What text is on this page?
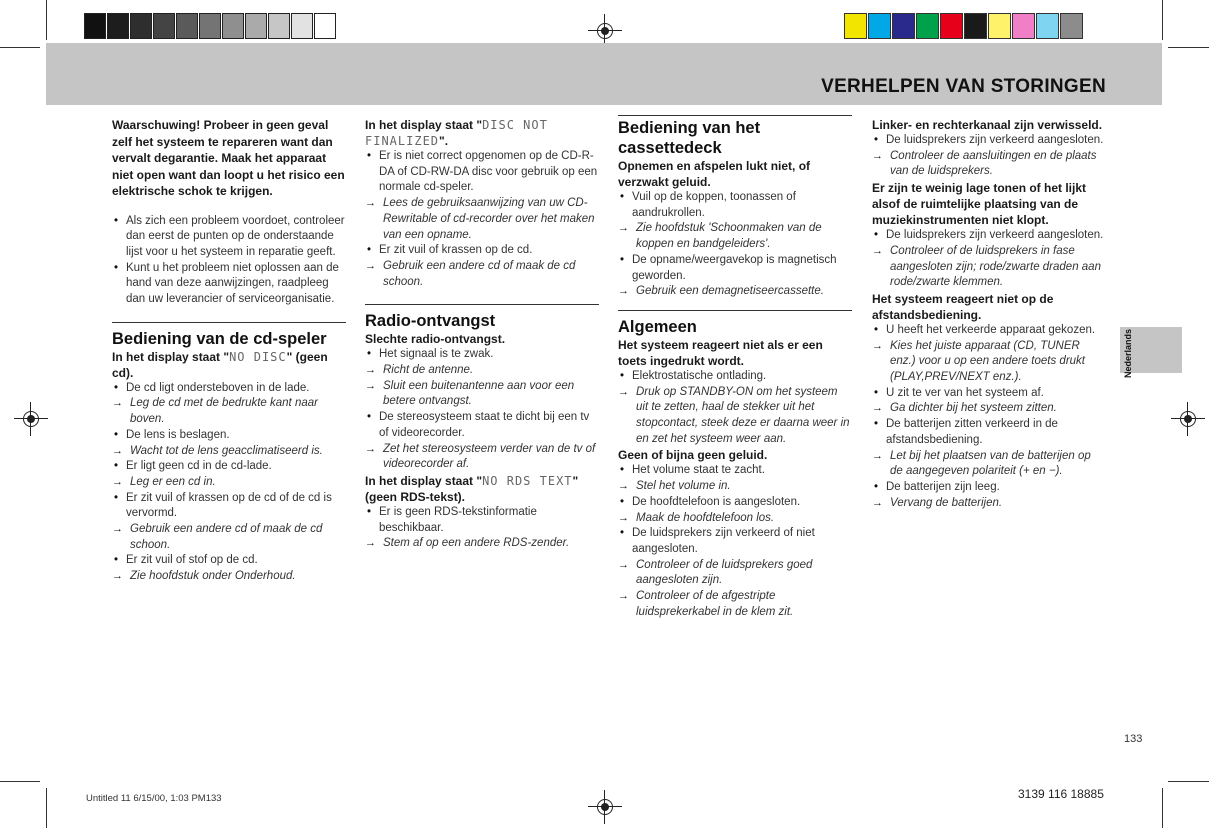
VERHELPEN VAN STORINGEN

Waarschuwing! Probeer in geen geval zelf het systeem te repareren want dan vervalt degarantie. Maak het apparaat niet open want dan loopt u het risico een elektrische schok te krijgen.

• Als zich een probleem voordoet, controleer dan eerst de punten op de onderstaande lijst voor u het systeem in reparatie geeft.

• Kunt u het probleem niet oplossen aan de hand van deze aanwijzingen, raadpleeg dan uw leverancier of serviceorganisatie.

Bediening van de cd-speler

In het display staat "NO DISC" (geen cd).

• De cd ligt ondersteboven in de lade.

→ Leg de cd met de bedrukte kant naar boven.

• De lens is beslagen.

→ Wacht tot de lens geacclimatiseerd is.

• Er ligt geen cd in de cd-lade.

→ Leg er een cd in.

• Er zit vuil of krassen op de cd of de cd is vervormd.

→ Gebruik een andere cd of maak de cd schoon.

• Er zit vuil of stof op de cd.

→ Zie hoofdstuk onder Onderhoud.

In het display staat "DISC NOT FINALIZED".

• Er is niet correct opgenomen op de CD-R-DA of CD-RW-DA disc voor gebruik op een normale cd-speler.

→ Lees de gebruiksaanwijzing van uw CD-Rewritable of cd-recorder over het maken van een opname.

• Er zit vuil of krassen op de cd.

→ Gebruik een andere cd of maak de cd schoon.

Radio-ontvangst

Slechte radio-ontvangst.

• Het signaal is te zwak.

→ Richt de antenne.

→ Sluit een buitenantenne aan voor een betere ontvangst.

• De stereosysteem staat te dicht bij een tv of videorecorder.

→ Zet het stereosysteem verder van de tv of videorecorder af.

In het display staat "NO RDS TEXT" (geen RDS-tekst).

• Er is geen RDS-tekstinformatie beschikbaar.

→ Stem af op een andere RDS-zender.

Bediening van het cassettedeck

Opnemen en afspelen lukt niet, of verzwakt geluid.

• Vuil op de koppen, toonassen of aandrukrollen.

→ Zie hoofdstuk 'Schoonmaken van de koppen en bandgeleiders'.

• De opname/weergavekop is magnetisch geworden.

→ Gebruik een demagnetiseercassette.

Algemeen

Het systeem reageert niet als er een toets ingedrukt wordt.

• Elektrostatische ontlading.

→ Druk op STANDBY-ON om het systeem uit te zetten, haal de stekker uit het stopcontact, steek deze er daarna weer in en zet het systeem weer aan.

Geen of bijna geen geluid.

• Het volume staat te zacht.

→ Stel het volume in.

• De hoofdtelefoon is aangesloten.

→ Maak de hoofdtelefoon los.

• De luidsprekers zijn verkeerd of niet aangesloten.

→ Controleer of de luidsprekers goed aangesloten zijn.

→ Controleer of de afgestripte luidsprekerkabel in de klem zit.

Linker- en rechterkanaal zijn verwisseld.

• De luidsprekers zijn verkeerd aangesloten.

→ Controleer de aansluitingen en de plaats van de luidsprekers.

Er zijn te weinig lage tonen of het lijkt alsof de ruimtelijke plaatsing van de muziekinstrumenten niet klopt.

• De luidsprekers zijn verkeerd aangesloten.

→ Controleer of de luidsprekers in fase aangesloten zijn; rode/zwarte draden aan rode/zwarte klemmen.

Het systeem reageert niet op de afstandsbediening.

• U heeft het verkeerde apparaat gekozen.

→ Kies het juiste apparaat (CD, TUNER enz.) voor u op een andere toets drukt (PLAY,PREV/NEXT enz.).

• U zit te ver van het systeem af.

→ Ga dichter bij het systeem zitten.

• De batterijen zitten verkeerd in de afstandsbediening.

→ Let bij het plaatsen van de batterijen op de aangegeven polariteit (+ en −).

• De batterijen zijn leeg.

→ Vervang de batterijen.

Nederlands
133
Untitled 11 6/15/00, 1:03 PM133	3139 116 18885
